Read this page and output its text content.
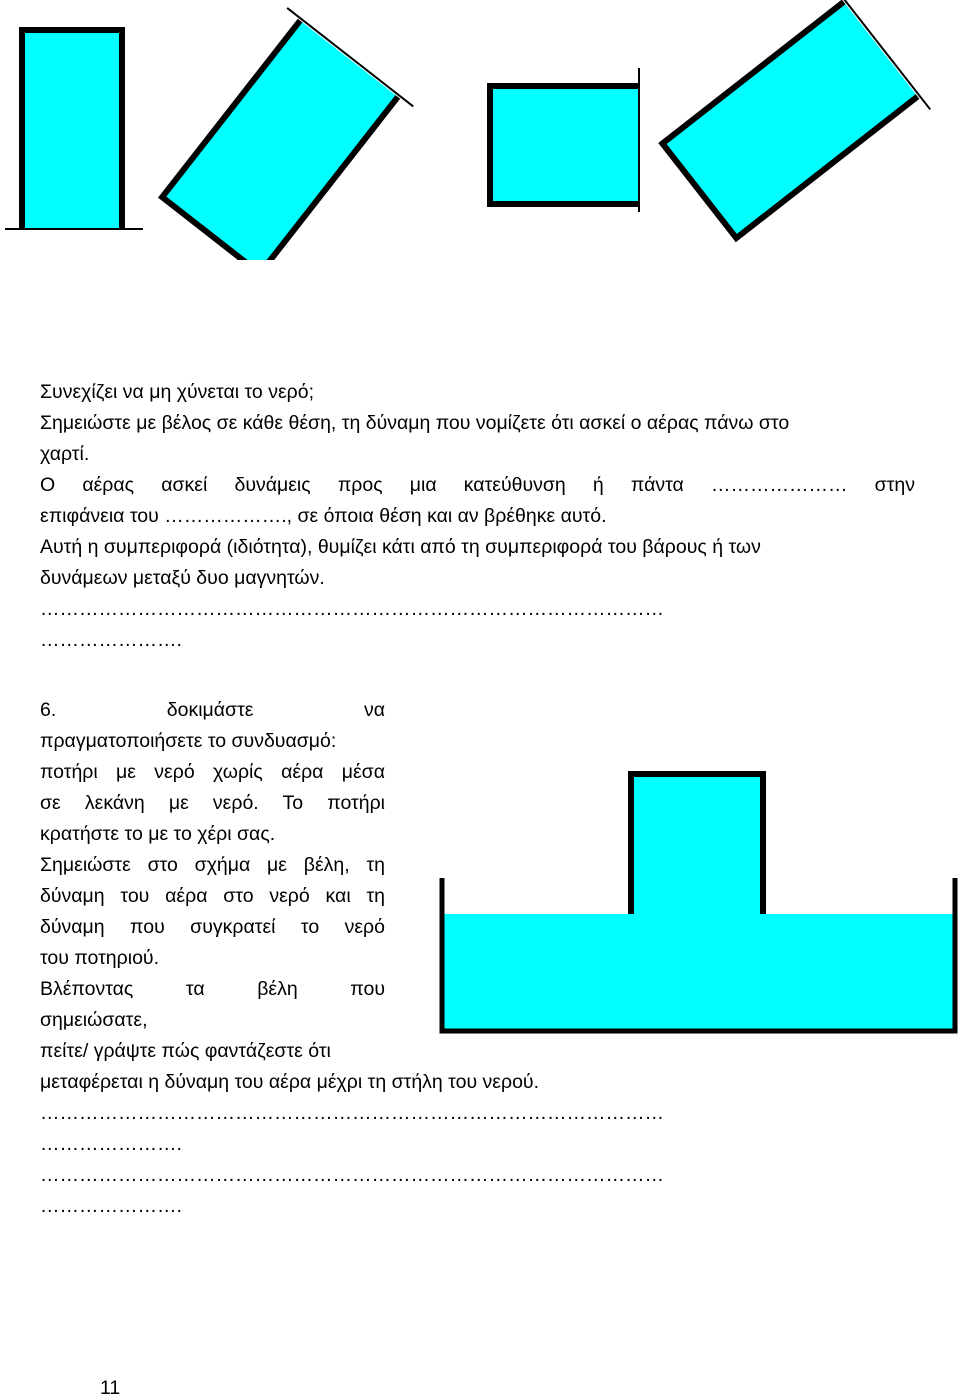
Συνεχίζει να μη χύνεται το νερό;

Σημειώστε με βέλος σε κάθε θέση, τη δύναμη που νομίζετε ότι ασκεί ο αέρας πάνω στο

χαρτί.

Ο αέρας ασκεί δυνάμεις προς μια κατεύθυνση ή πάντα ………………… στην

επιφάνεια του ………………., σε όποια θέση και αν βρέθηκε αυτό.

Αυτή η συμπεριφορά (ιδιότητα), θυμίζει κάτι από τη συμπεριφορά του βάρους ή των

δυνάμεων μεταξύ δυο μαγνητών.

……………………………………………………………………………………

………………….

6. δοκιμάστε να

πραγματοποιήσετε το συνδυασμό:

ποτήρι με νερό χωρίς αέρα μέσα

σε λεκάνη με νερό. Το ποτήρι

κρατήστε το με το χέρι σας.

Σημειώστε στο σχήμα με βέλη, τη

δύναμη του αέρα στο νερό και τη

δύναμη που συγκρατεί το νερό

του ποτηριού.

Βλέποντας τα βέλη που

σημειώσατε,

πείτε/ γράψτε πώς φαντάζεστε ότι

μεταφέρεται η δύναμη του αέρα μέχρι τη στήλη του νερού.

……………………………………………………………………………………

………………….

……………………………………………………………………………………

………………….

11
